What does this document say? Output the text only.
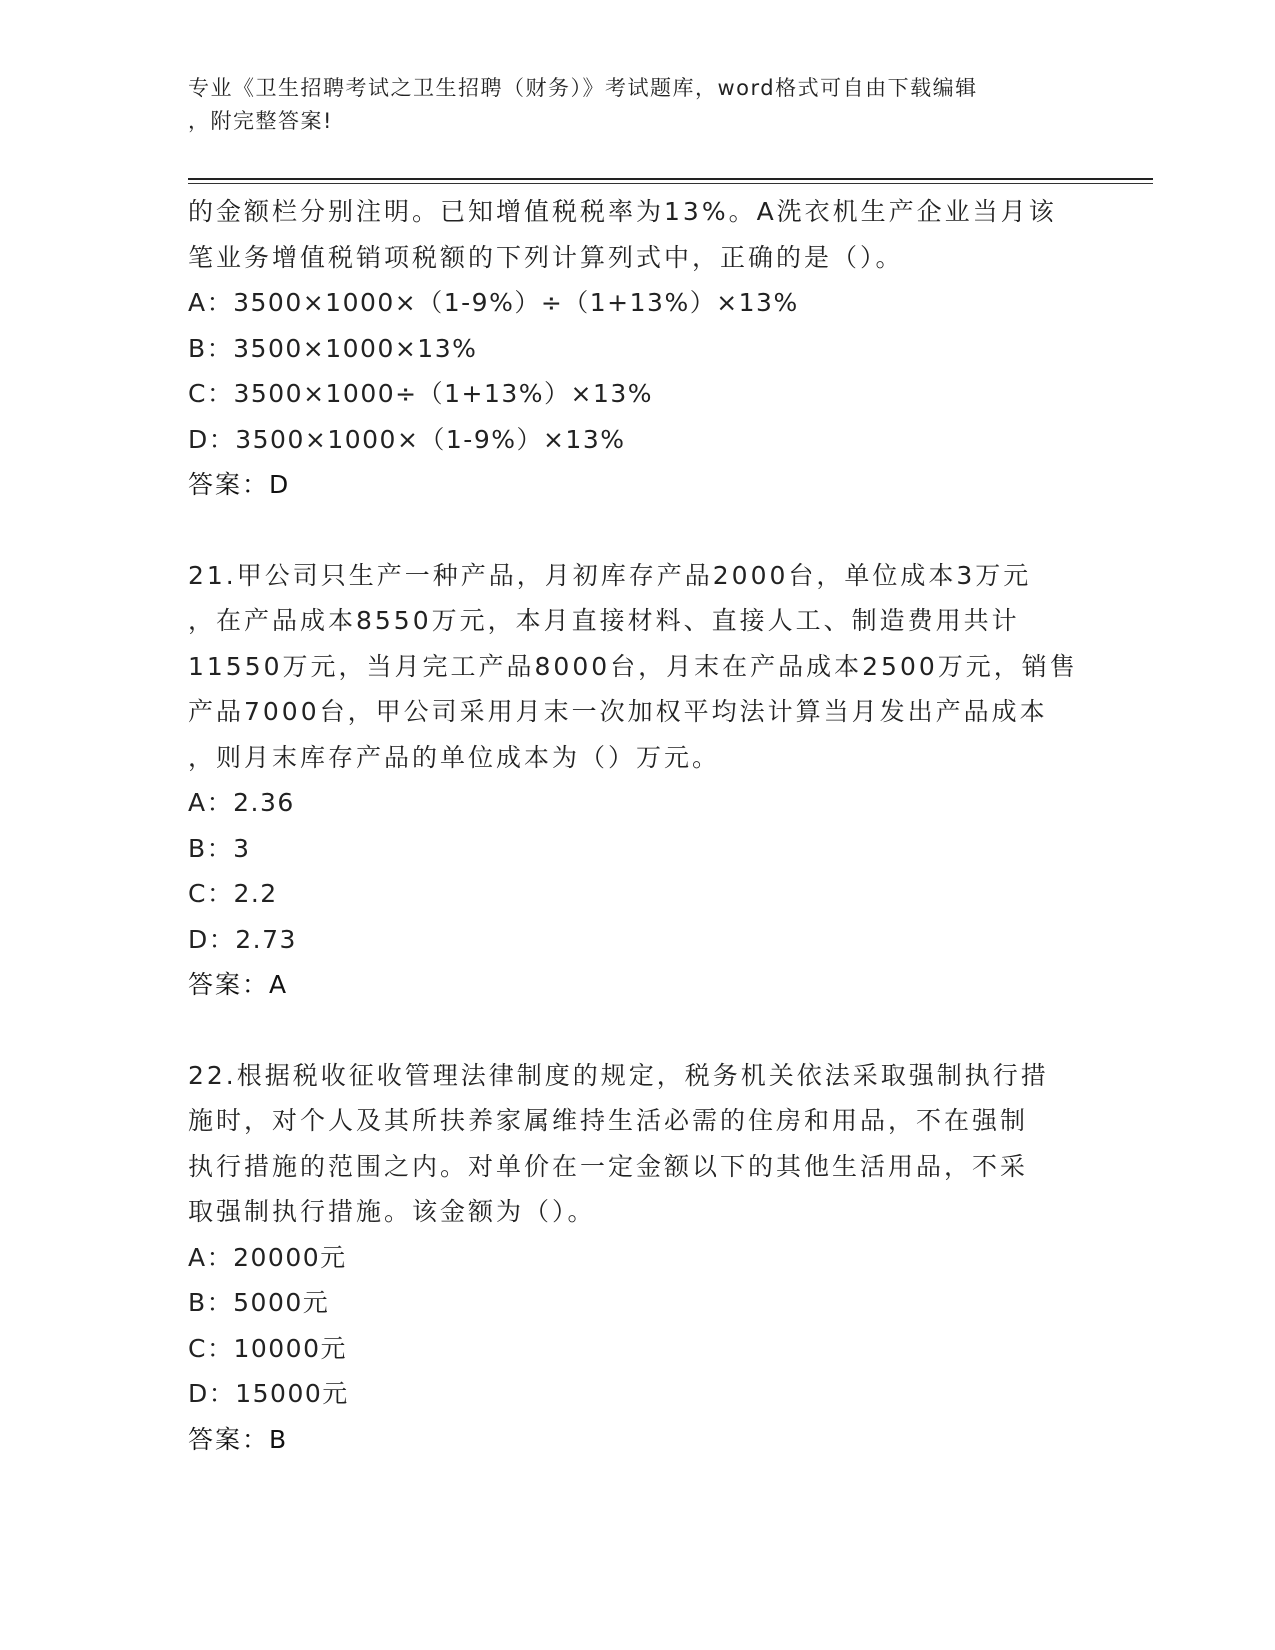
专业《卫生招聘考试之卫生招聘（财务）》考试题库，word格式可自由下载编辑
，附完整答案!
的金额栏分别注明。已知增值税税率为13%。A洗衣机生产企业当月该
笔业务增值税销项税额的下列计算列式中，正确的是（）。
A：3500×1000×（1-9%）÷（1+13%）×13%
B：3500×1000×13%
C：3500×1000÷（1+13%）×13%
D：3500×1000×（1-9%）×13%
答案：D
21.甲公司只生产一种产品，月初库存产品2000台，单位成本3万元
，在产品成本8550万元，本月直接材料、直接人工、制造费用共计
11550万元，当月完工产品8000台，月末在产品成本2500万元，销售
产品7000台，甲公司采用月末一次加权平均法计算当月发出产品成本
，则月末库存产品的单位成本为（）万元。
A：2.36
B：3
C：2.2
D：2.73
答案：A
22.根据税收征收管理法律制度的规定，税务机关依法采取强制执行措
施时，对个人及其所扶养家属维持生活必需的住房和用品，不在强制
执行措施的范围之内。对单价在一定金额以下的其他生活用品，不采
取强制执行措施。该金额为（）。
A：20000元
B：5000元
C：10000元
D：15000元
答案：B
